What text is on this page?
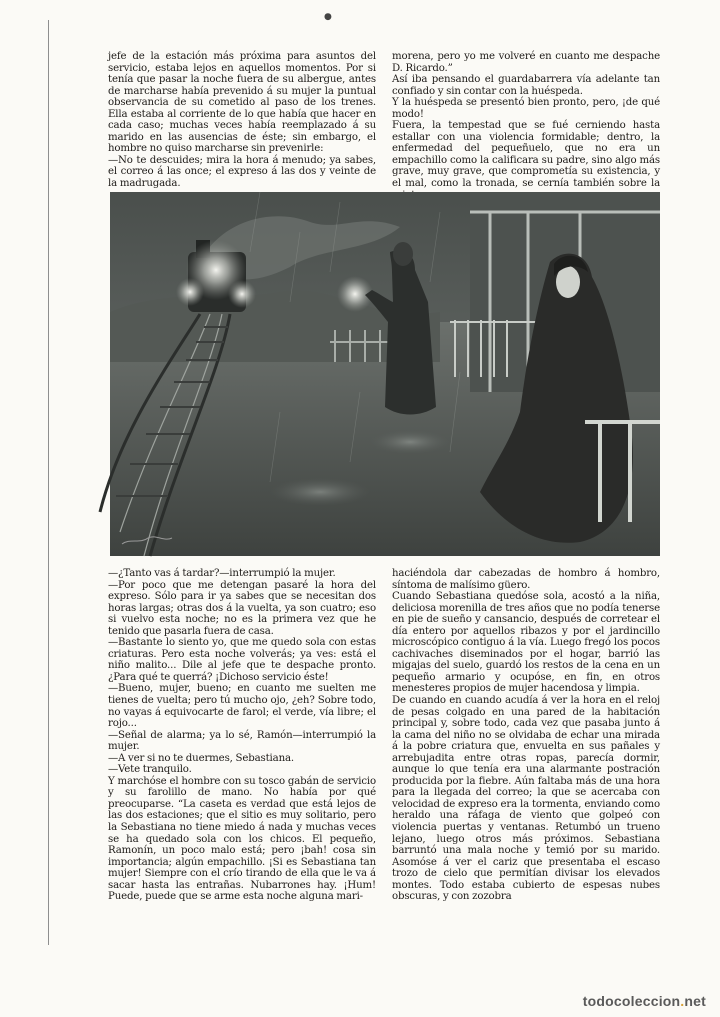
●

jefe de la estación más próxima para asuntos del servicio, estaba lejos en aquellos momentos. Por si tenía que pasar la noche fuera de su albergue, antes de marcharse había prevenido á su mujer la puntual observancia de su cometido al paso de los trenes. Ella estaba al corriente de lo que había que hacer en cada caso; muchas veces había reemplazado á su marido en las ausencias de éste; sin embargo, el hombre no quiso marcharse sin prevenirle:

—No te descuides; mira la hora á menudo; ya sabes, el correo á las once; el expreso á las dos y veinte de la madrugada.

morena, pero yo me volveré en cuanto me despache D. Ricardo.”

Así iba pensando el guardabarrera vía adelante tan confiado y sin contar con la huéspeda.

Y la huéspeda se presentó bien pronto, pero, ¡de qué modo!

Fuera, la tempestad que se fué cerniendo hasta estallar con una violencia formidable; dentro, la enfermedad del pequeñuelo, que no era un empachillo como la calificara su padre, sino algo más grave, muy grave, que comprometía su existencia, y el mal, como la tronada, se cernía también sobre la

—¿Tanto vas á tardar?—interrumpió la mujer.

—Por poco que me detengan pasaré la hora del expreso. Sólo para ir ya sabes que se necesitan dos horas largas; otras dos á la vuelta, ya son cuatro; eso si vuelvo esta noche; no es la primera vez que he tenido que pasarla fuera de casa.

—Bastante lo siento yo, que me quedo sola con estas criaturas. Pero esta noche volverás; ya ves: está el niño malito... Dile al jefe que te despache pronto. ¿Para qué te querrá? ¡Dichoso servicio éste!

—Bueno, mujer, bueno; en cuanto me suelten me tienes de vuelta; pero tú mucho ojo, ¿eh? Sobre todo, no vayas á equivocarte de farol; el verde, vía libre; el rojo...

—Señal de alarma; ya lo sé, Ramón—interrumpió la mujer.

—A ver si no te duermes, Sebastiana.

—Vete tranquilo.

Y marchóse el hombre con su tosco gabán de servicio y su farolillo de mano. No había por qué preocuparse. “La caseta es verdad que está lejos de las dos estaciones; que el sitio es muy solitario, pero la Sebastiana no tiene miedo á nada y muchas veces se ha quedado sola con los chicos. El pequeño, Ramonín, un poco malo está; pero ¡bah! cosa sin importancia; algún empachillo. ¡Si es Sebastiana tan mujer! Siempre con el crío tirando de ella que le va á sacar hasta las entrañas. Nubarrones hay. ¡Hum! Puede, puede que se arme esta noche alguna mari-

haciéndola dar cabezadas de hombro á hombro, síntoma de malísimo güero.

Cuando Sebastiana quedóse sola, acostó a la niña, deliciosa morenilla de tres años que no podía tenerse en pie de sueño y cansancio, después de corretear el día entero por aquellos ribazos y por el jardincillo microscópico contiguo á la vía. Luego fregó los pocos cachivaches diseminados por el hogar, barrió las migajas del suelo, guardó los restos de la cena en un pequeño armario y ocupóse, en fin, en otros menesteres propios de mujer hacendosa y limpia.

De cuando en cuando acudía á ver la hora en el reloj de pesas colgado en una pared de la habitación principal y, sobre todo, cada vez que pasaba junto á la cama del niño no se olvidaba de echar una mirada á la pobre criatura que, envuelta en sus pañales y arrebujadita entre otras ropas, parecía dormir, aunque lo que tenía era una alarmante postración producida por la fiebre. Aún faltaba más de una hora para la llegada del correo; la que se acercaba con velocidad de expreso era la tormenta, enviando como heraldo una ráfaga de viento que golpeó con violencia puertas y ventanas. Retumbó un trueno lejano, luego otros más próximos. Sebastiana barruntó una mala noche y temió por su marido. Asomóse á ver el cariz que presentaba el escaso trozo de cielo que permitían divisar los elevados montes. Todo estaba cubierto de espesas nubes obscuras, y con zozobra

todocoleccion.net
